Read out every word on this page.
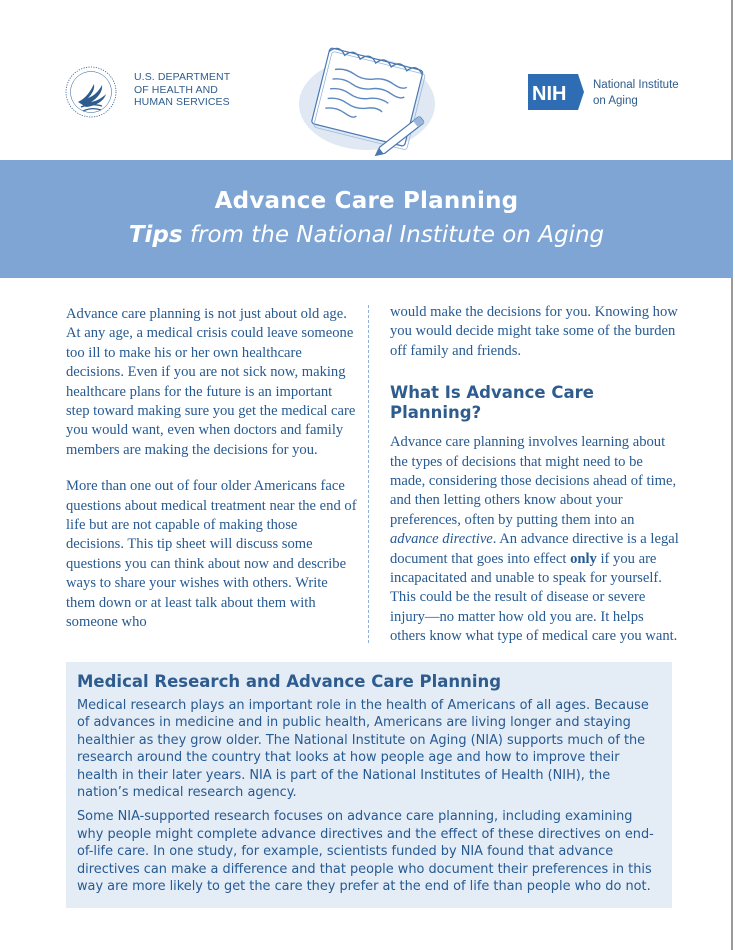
U.S. DEPARTMENT
OF HEALTH AND
HUMAN SERVICES	NIH National Institute
on Aging
Advance Care Planning
Tips from the National Institute on Aging

Advance care planning is not just about old age. At any age, a medical crisis could leave someone too ill to make his or her own healthcare decisions. Even if you are not sick now, making healthcare plans for the future is an important step toward making sure you get the medical care you would want, even when doctors and family members are making the decisions for you.

More than one out of four older Americans face questions about medical treatment near the end of life but are not capable of making those decisions. This tip sheet will discuss some questions you can think about now and describe ways to share your wishes with others. Write them down or at least talk about them with someone who

would make the decisions for you. Knowing how you would decide might take some of the burden off family and friends.

What Is Advance Care Planning?

Advance care planning involves learning about the types of decisions that might need to be made, considering those decisions ahead of time, and then letting others know about your preferences, often by putting them into an advance directive. An advance directive is a legal document that goes into effect only if you are incapacitated and unable to speak for yourself. This could be the result of disease or severe injury—no matter how old you are. It helps others know what type of medical care you want.

Medical Research and Advance Care Planning

Medical research plays an important role in the health of Americans of all ages. Because of advances in medicine and in public health, Americans are living longer and staying healthier as they grow older. The National Institute on Aging (NIA) supports much of the research around the country that looks at how people age and how to improve their health in their later years. NIA is part of the National Institutes of Health (NIH), the nation’s medical research agency.

Some NIA-supported research focuses on advance care planning, including examining why people might complete advance directives and the effect of these directives on end-of-life care. In one study, for example, scientists funded by NIA found that advance directives can make a difference and that people who document their preferences in this way are more likely to get the care they prefer at the end of life than people who do not.
